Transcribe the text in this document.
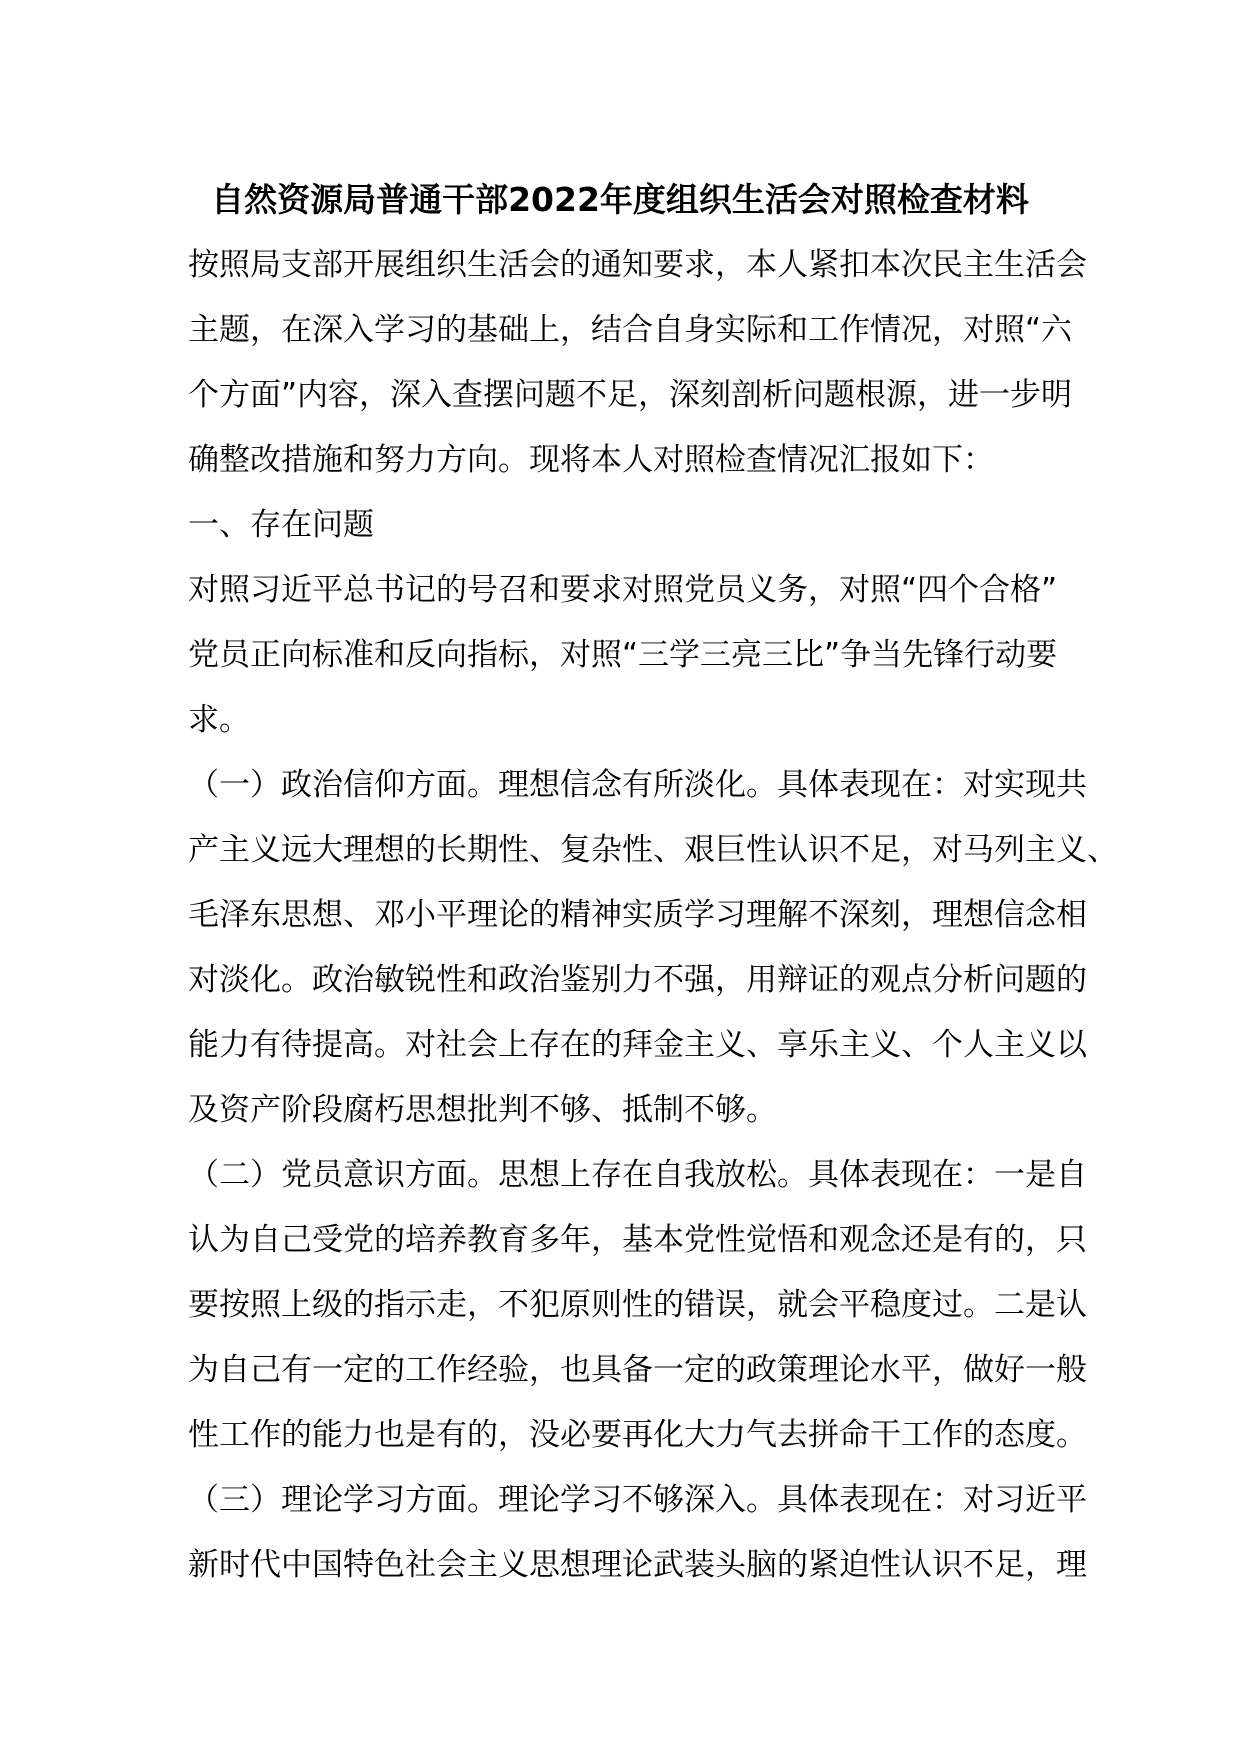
自然资源局普通干部2022年度组织生活会对照检查材料
按照局支部开展组织生活会的通知要求，本人紧扣本次民主生活会
主题，在深入学习的基础上，结合自身实际和工作情况，对照“六
个方面”内容，深入查摆问题不足，深刻剖析问题根源，进一步明
确整改措施和努力方向。现将本人对照检查情况汇报如下：
一、存在问题
对照习近平总书记的号召和要求对照党员义务，对照“四个合格”
党员正向标准和反向指标，对照“三学三亮三比”争当先锋行动要
求。
（一）政治信仰方面。理想信念有所淡化。具体表现在：对实现共
产主义远大理想的长期性、复杂性、艰巨性认识不足，对马列主义、
毛泽东思想、邓小平理论的精神实质学习理解不深刻，理想信念相
对淡化。政治敏锐性和政治鉴别力不强，用辩证的观点分析问题的
能力有待提高。对社会上存在的拜金主义、享乐主义、个人主义以
及资产阶段腐朽思想批判不够、抵制不够。
（二）党员意识方面。思想上存在自我放松。具体表现在：一是自
认为自己受党的培养教育多年，基本党性觉悟和观念还是有的，只
要按照上级的指示走，不犯原则性的错误，就会平稳度过。二是认
为自己有一定的工作经验，也具备一定的政策理论水平，做好一般
性工作的能力也是有的，没必要再化大力气去拼命干工作的态度。
（三）理论学习方面。理论学习不够深入。具体表现在：对习近平
新时代中国特色社会主义思想理论武装头脑的紧迫性认识不足，理
